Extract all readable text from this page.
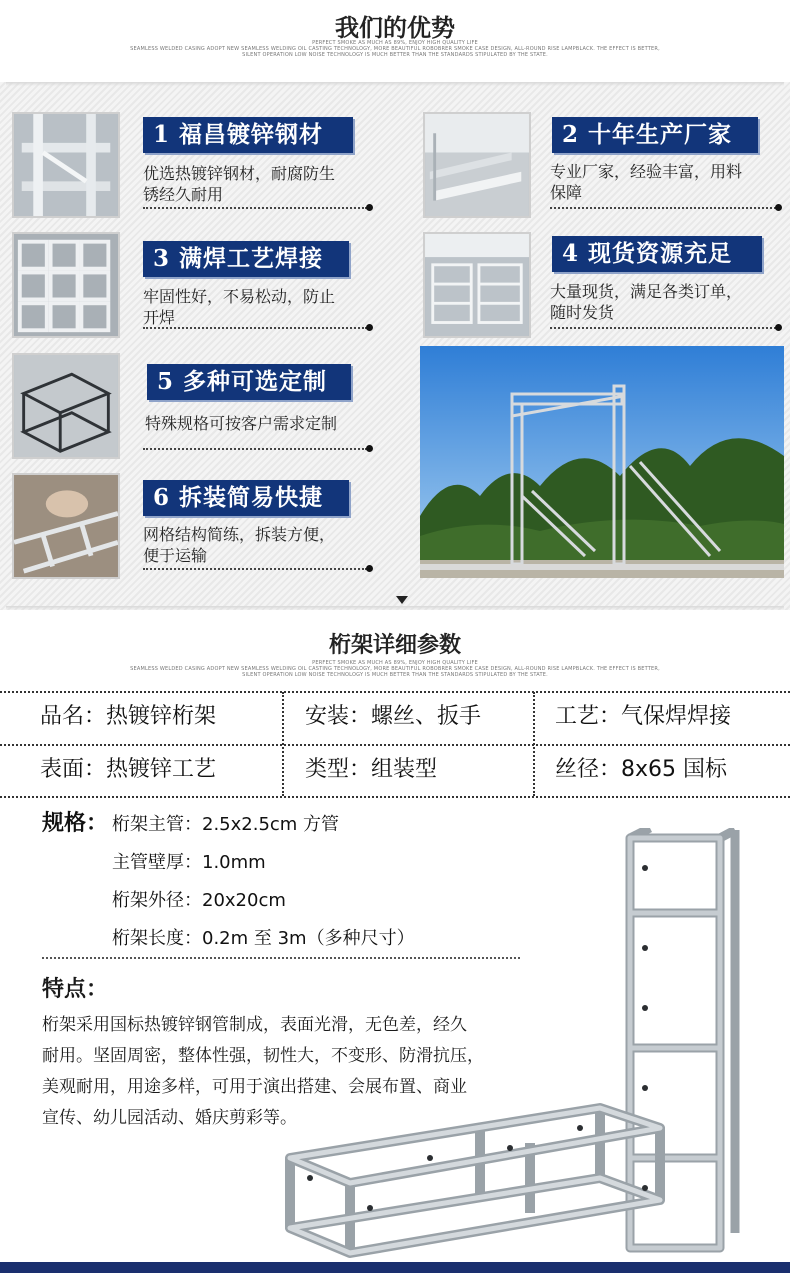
我们的优势
PERFECT SMOKE AS MUCH AS 89%, ENJOY HIGH QUALITY LIFE
SEAMLESS WELDED CASING ADOPT NEW SEAMLESS WELDING OIL CASTING TECHNOLOGY, MORE BEAUTIFUL ROBOBRER SMOKE CASE DESIGN, ALL-ROUND RISE LAMPBLACK. THE EFFECT IS BETTER,
SILENT OPERATION LOW NOISE TECHNOLOGY IS MUCH BETTER THAN THE STANDARDS STIPULATED BY THE STATE.
1 福昌镀锌钢材
优选热镀锌钢材，耐腐防生
锈经久耐用
2 十年生产厂家
专业厂家，经验丰富，用料
保障
3 满焊工艺焊接
牢固性好，不易松动，防止
开焊
4 现货资源充足
大量现货，满足各类订单，
随时发货
5 多种可选定制
特殊规格可按客户需求定制
6 拆装简易快捷
网格结构简练，拆装方便，
便于运输
桁架详细参数
PERFECT SMOKE AS MUCH AS 89%, ENJOY HIGH QUALITY LIFE
SEAMLESS WELDED CASING ADOPT NEW SEAMLESS WELDING OIL CASTING TECHNOLOGY, MORE BEAUTIFUL ROBOBRER SMOKE CASE DESIGN, ALL-ROUND RISE LAMPBLACK. THE EFFECT IS BETTER,
SILENT OPERATION LOW NOISE TECHNOLOGY IS MUCH BETTER THAN THE STANDARDS STIPULATED BY THE STATE.
品名：热镀锌桁架	安装：螺丝、扳手	工艺：气保焊焊接
表面：热镀锌工艺	类型：组装型	丝径：8x65 国标
规格： 桁架主管：2.5x2.5cm 方管
主管壁厚：1.0mm
桁架外径：20x20cm
桁架长度：0.2m 至 3m（多种尺寸）
特点：
桁架采用国标热镀锌钢管制成，表面光滑，无色差，经久
耐用。坚固周密，整体性强，韧性大，不变形、防滑抗压，
美观耐用，用途多样，可用于演出搭建、会展布置、商业
宣传、幼儿园活动、婚庆剪彩等。
